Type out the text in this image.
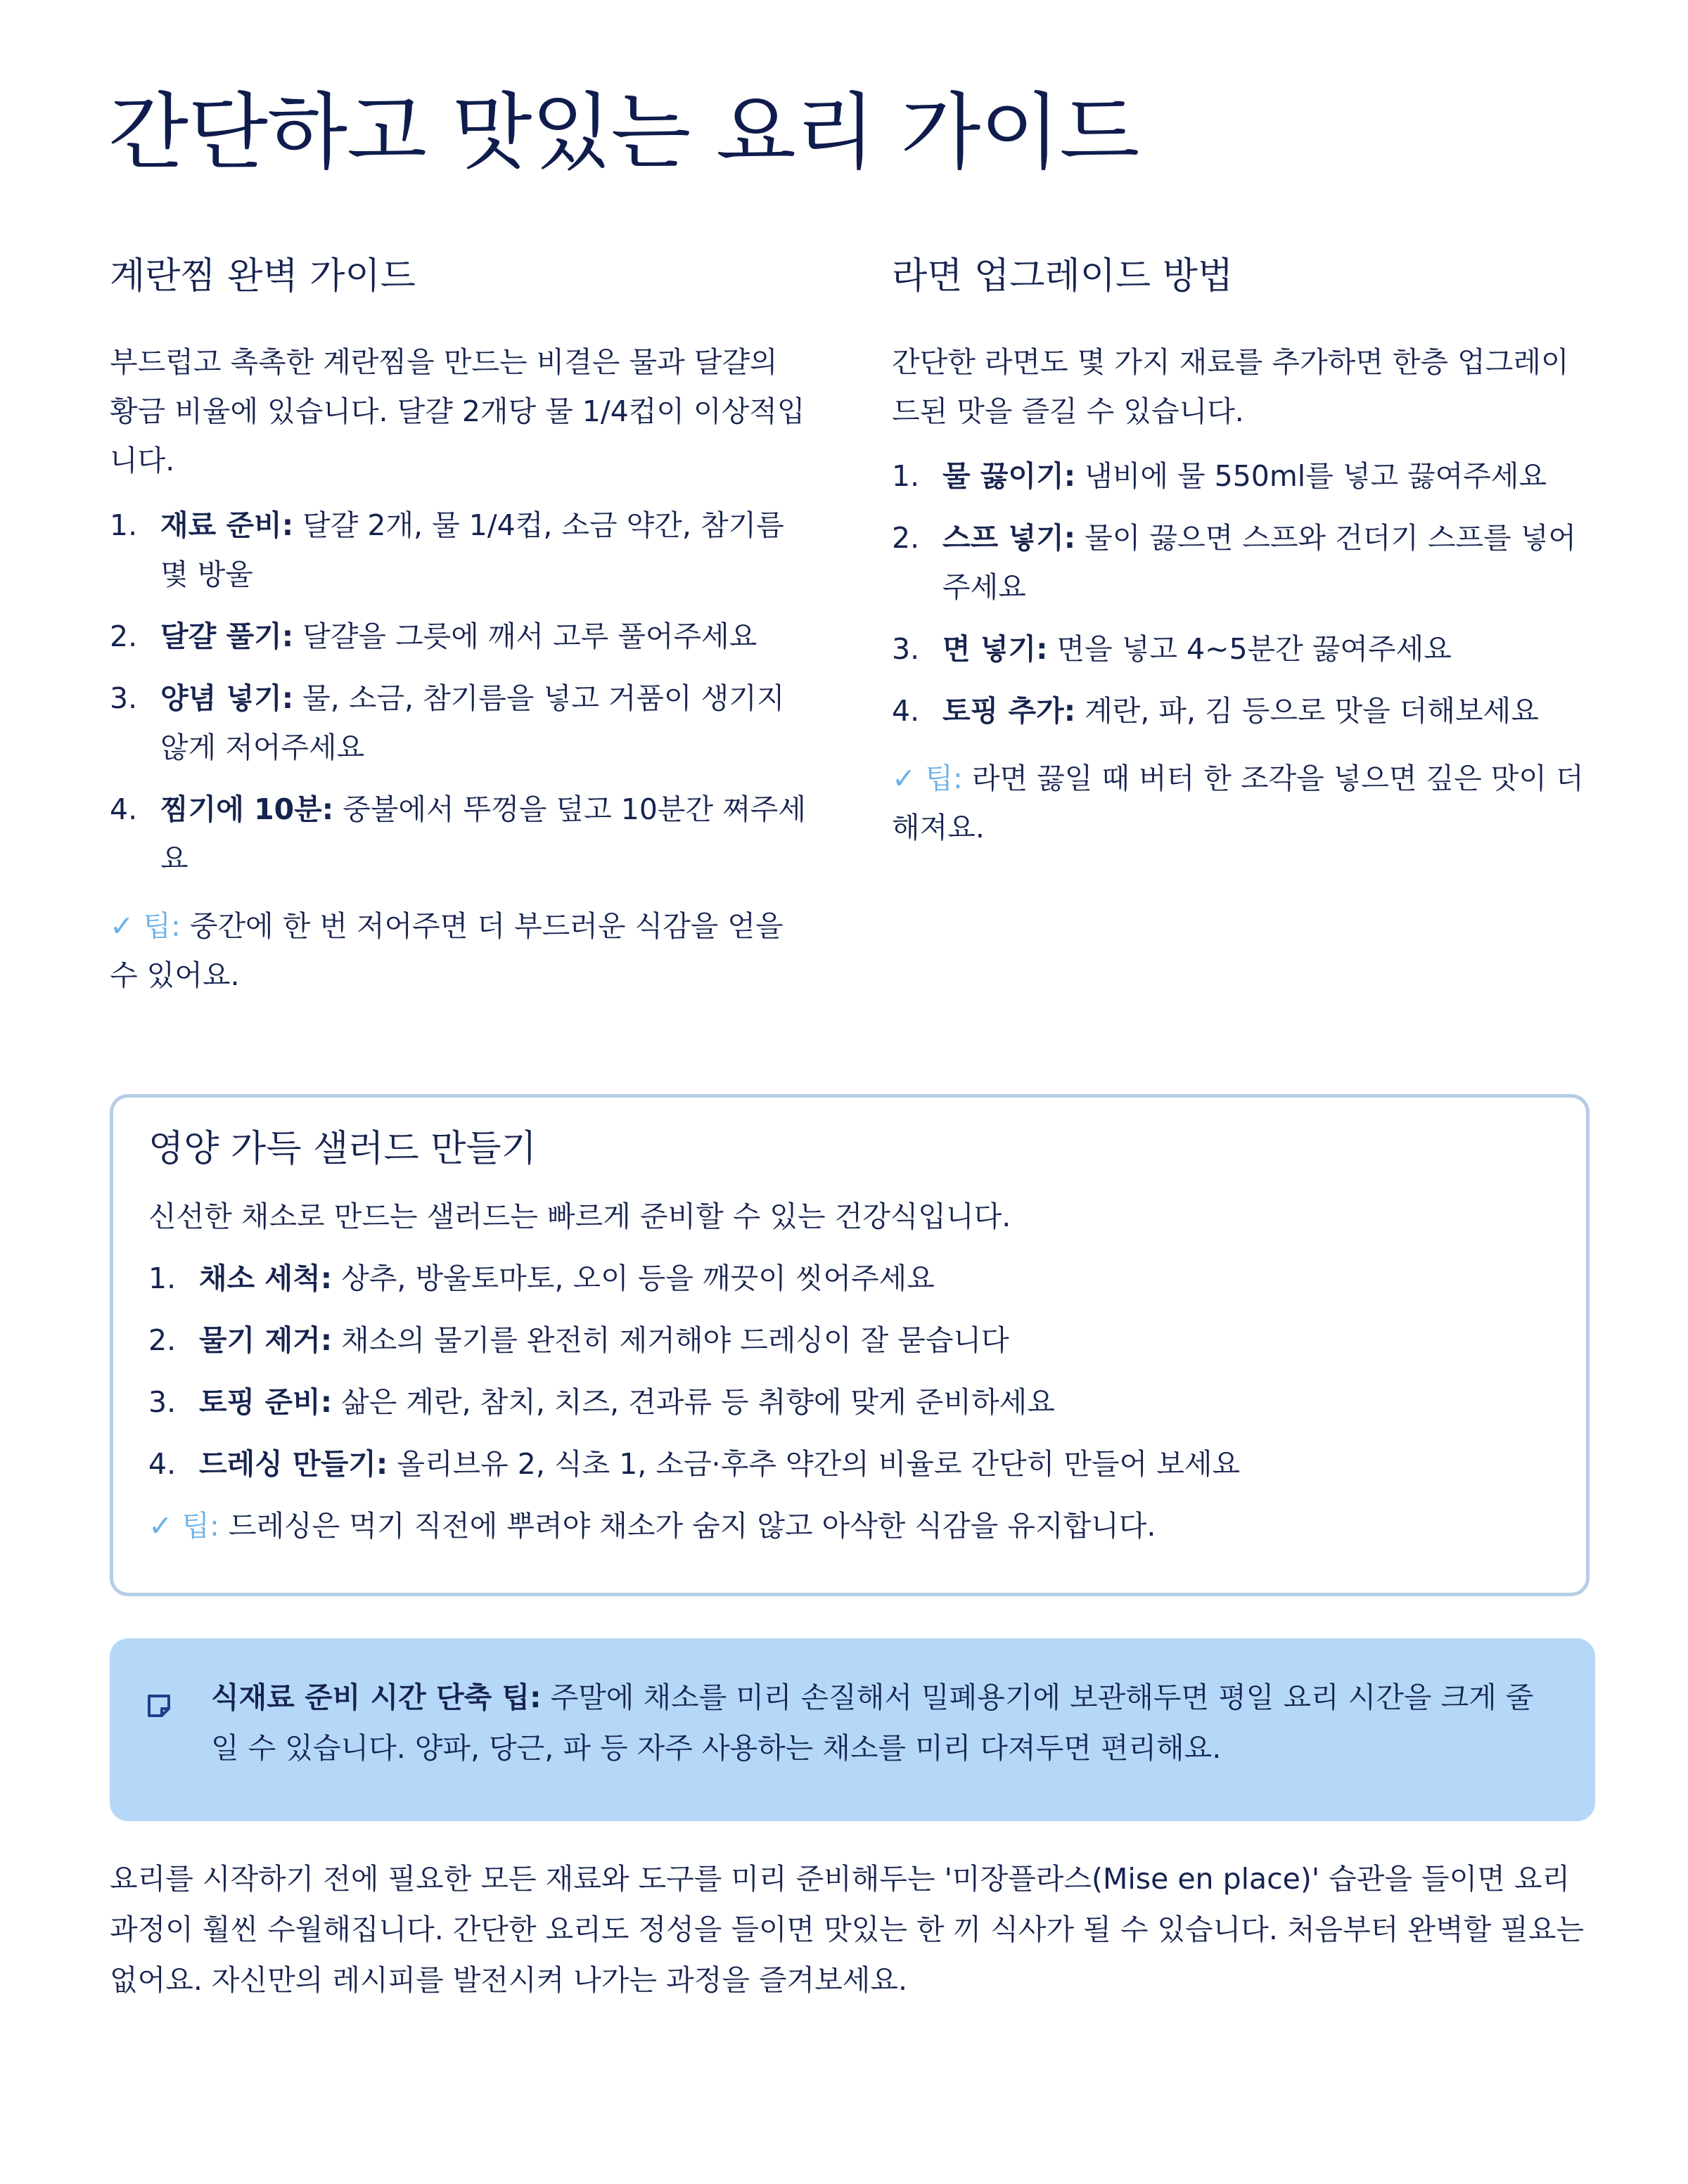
간단하고 맛있는 요리 가이드
계란찜 완벽 가이드

부드럽고 촉촉한 계란찜을 만드는 비결은 물과 달걀의 황금 비율에 있습니다. 달걀 2개당 물 1/4컵이 이상적입니다.

1. 재료 준비: 달걀 2개, 물 1/4컵, 소금 약간, 참기름 몇 방울
2. 달걀 풀기: 달걀을 그릇에 깨서 고루 풀어주세요
3. 양념 넣기: 물, 소금, 참기름을 넣고 거품이 생기지 않게 저어주세요
4. 찜기에 10분: 중불에서 뚜껑을 덮고 10분간 쪄주세요

✓ 팁: 중간에 한 번 저어주면 더 부드러운 식감을 얻을 수 있어요.

라면 업그레이드 방법

간단한 라면도 몇 가지 재료를 추가하면 한층 업그레이드된 맛을 즐길 수 있습니다.

1. 물 끓이기: 냄비에 물 550ml를 넣고 끓여주세요
2. 스프 넣기: 물이 끓으면 스프와 건더기 스프를 넣어주세요
3. 면 넣기: 면을 넣고 4~5분간 끓여주세요
4. 토핑 추가: 계란, 파, 김 등으로 맛을 더해보세요

✓ 팁: 라면 끓일 때 버터 한 조각을 넣으면 깊은 맛이 더해져요.

영양 가득 샐러드 만들기

신선한 채소로 만드는 샐러드는 빠르게 준비할 수 있는 건강식입니다.

1. 채소 세척: 상추, 방울토마토, 오이 등을 깨끗이 씻어주세요
2. 물기 제거: 채소의 물기를 완전히 제거해야 드레싱이 잘 묻습니다
3. 토핑 준비: 삶은 계란, 참치, 치즈, 견과류 등 취향에 맞게 준비하세요
4. 드레싱 만들기: 올리브유 2, 식초 1, 소금·후추 약간의 비율로 간단히 만들어 보세요

✓ 팁: 드레싱은 먹기 직전에 뿌려야 채소가 숨지 않고 아삭한 식감을 유지합니다.

식재료 준비 시간 단축 팁: 주말에 채소를 미리 손질해서 밀폐용기에 보관해두면 평일 요리 시간을 크게 줄일 수 있습니다. 양파, 당근, 파 등 자주 사용하는 채소를 미리 다져두면 편리해요.

요리를 시작하기 전에 필요한 모든 재료와 도구를 미리 준비해두는 '미장플라스(Mise en place)' 습관을 들이면 요리 과정이 훨씬 수월해집니다. 간단한 요리도 정성을 들이면 맛있는 한 끼 식사가 될 수 있습니다. 처음부터 완벽할 필요는 없어요. 자신만의 레시피를 발전시켜 나가는 과정을 즐겨보세요.
